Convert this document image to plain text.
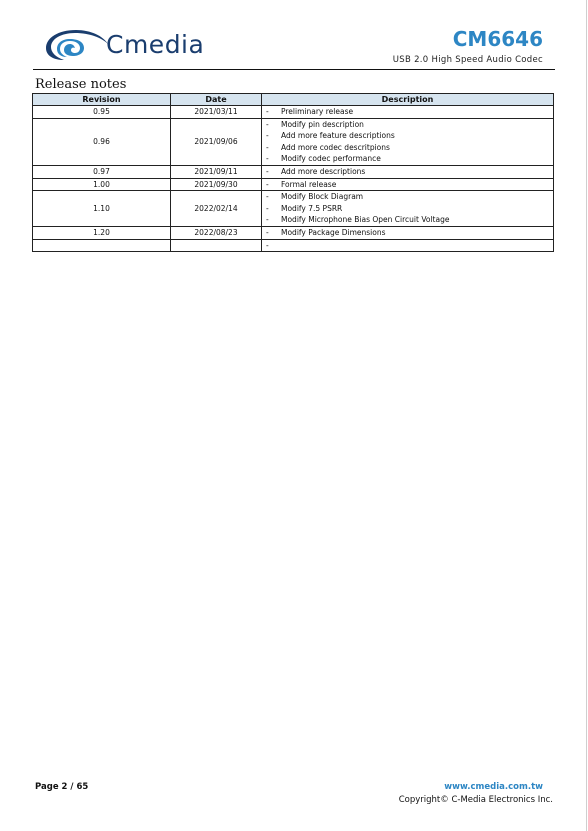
Cmedia	CM6646
USB 2.0 High Speed Audio Codec
Release notes
Revision	Date	Description
0.95	2021/03/11	- Preliminary release

0.96	2021/09/06	- Modify pin description
- Add more feature descriptions
- Add more codec descritpions
- Modify codec performance

0.97	2021/09/11	- Add more descriptions

1.00	2021/09/30	- Formal release

1.10	2022/02/14	- Modify Block Diagram
- Modify 7.5 PSRR
- Modify Microphone Bias Open Circuit Voltage

1.20	2022/08/23	- Modify Package Dimensions

		-
Page 2 / 65	www.cmedia.com.tw
Copyright© C-Media Electronics Inc.
